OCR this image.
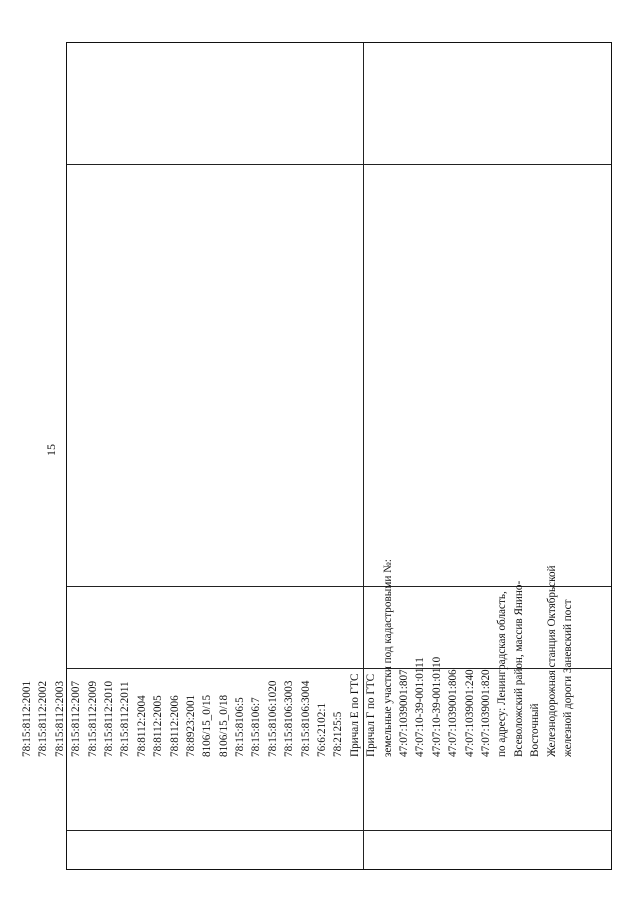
15
78:15:8112:2001 78:15:8112:2002 78:15:8112:2003 78:15:8112:2007 78:15:8112:2009 78:15:8112:2010 78:15:8112:2011 78:8112:2004 78:8112:2005 78:8112:2006 78:8923:2001 8106/15_0/15 8106/15_0/18 78:15:8106:5 78:15:8106:7 78:15:8106:1020 78:15:8106:3003 78:15:8106:3004 76:6:2102:1 78:2125:5 Причал Е по ГТС Причал Г по ГТС земельные участки под кадастровыми №: 47:07:1039001:807 47:07:10-39-001:0111 47:07:10-39-001:0110 47:07:1039001:806 47:07:1039001:240 47:07:1039001:820 по адресу: Ленинградская область, Всеволожский район, массив Янино- Восточный Железнодорожная станция Октябрьской железной дороги Заневский пост
